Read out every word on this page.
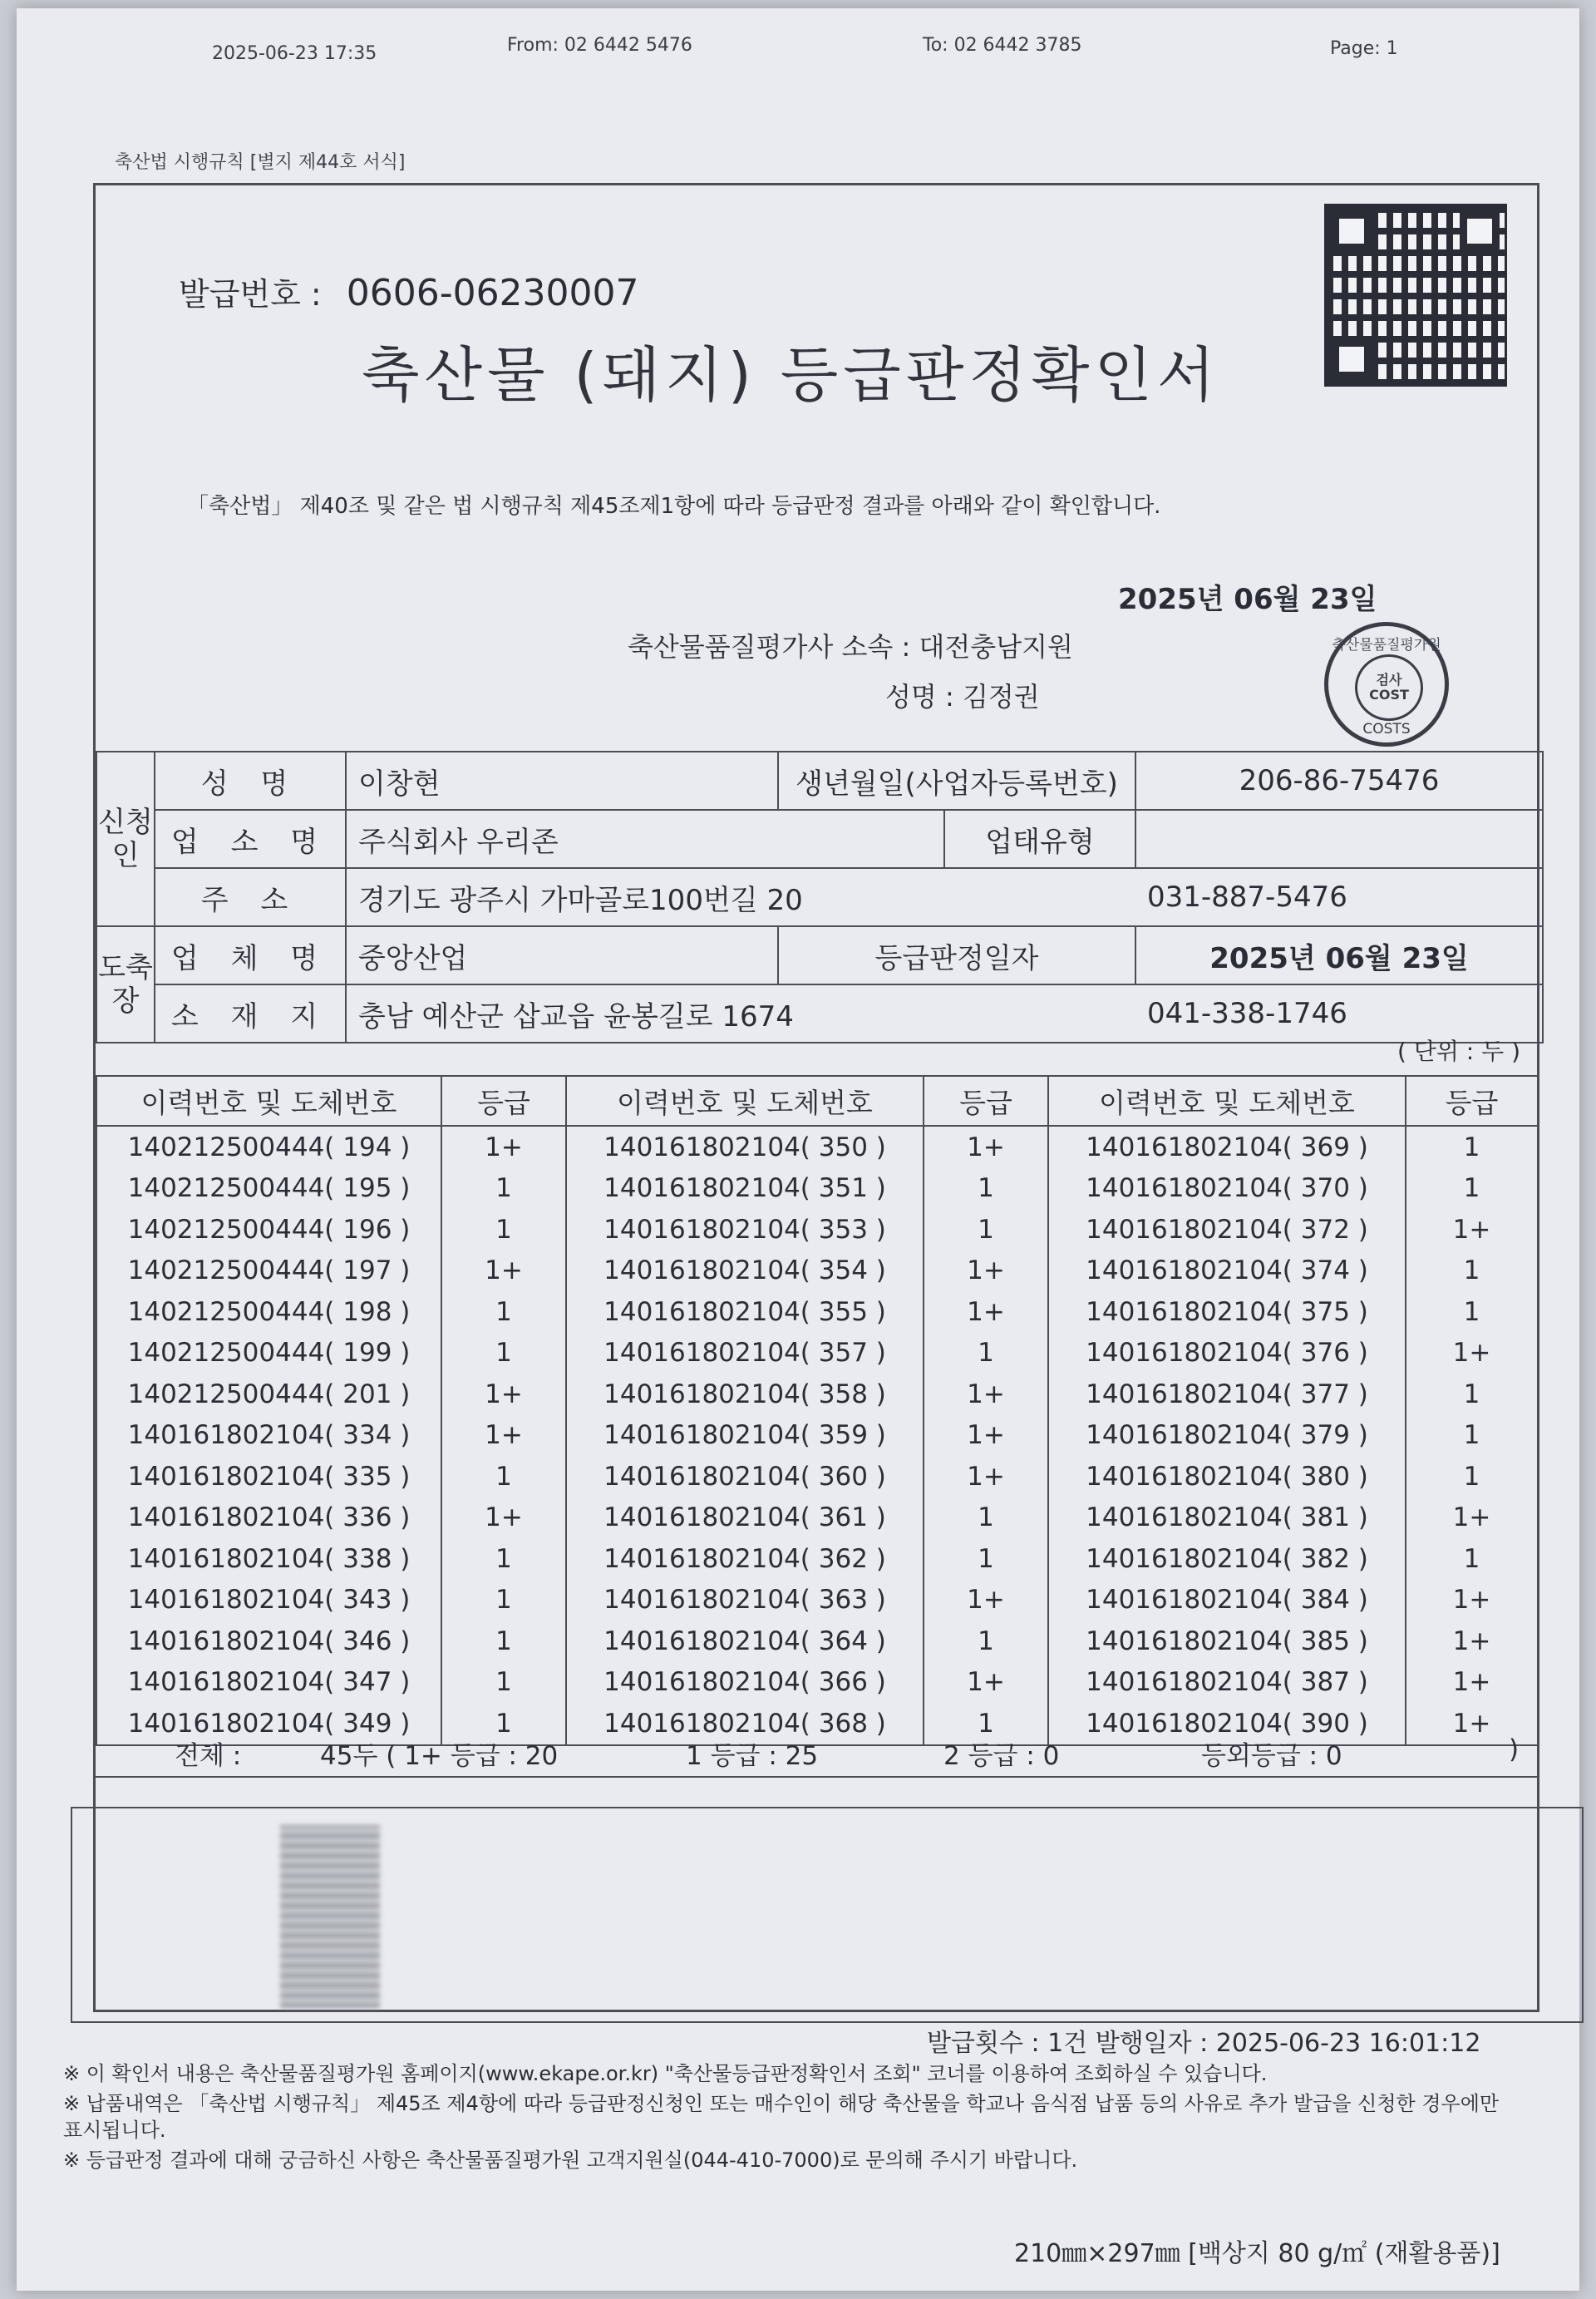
2025-06-23 17:35	From: 02 6442 5476	To: 02 6442 3785	Page: 1
축산법 시행규칙 [별지 제44호 서식]
발급번호 : 0606-06230007
축산물 (돼지) 등급판정확인서
「축산법」 제40조 및 같은 법 시행규칙 제45조제1항에 따라 등급판정 결과를 아래와 같이 확인합니다.
2025년 06월 23일
축산물품질평가사 소속 : 대전충남지원
성명 : 김정권
축산물품질평가원
검사 COST
COSTS
신청인	성 명	이창현	생년월일(사업자등록번호)		206-86-75476
	업 소 명	주식회사 우리존		업태유형	
	주 소	경기도 광주시 가마골로100번길 20			031-887-5476
도축장	업 체 명	중앙산업	등급판정일자		2025년 06월 23일
	소 재 지	충남 예산군 삽교읍 윤봉길로 1674			041-338-1746
( 단위 : 두 )
이력번호 및 도체번호	등급	이력번호 및 도체번호	등급	이력번호 및 도체번호	등급
140212500444( 194 )	1+	140161802104( 350 )	1+	140161802104( 369 )	1
140212500444( 195 )	1	140161802104( 351 )	1	140161802104( 370 )	1
140212500444( 196 )	1	140161802104( 353 )	1	140161802104( 372 )	1+
140212500444( 197 )	1+	140161802104( 354 )	1+	140161802104( 374 )	1
140212500444( 198 )	1	140161802104( 355 )	1+	140161802104( 375 )	1
140212500444( 199 )	1	140161802104( 357 )	1	140161802104( 376 )	1+
140212500444( 201 )	1+	140161802104( 358 )	1+	140161802104( 377 )	1
140161802104( 334 )	1+	140161802104( 359 )	1+	140161802104( 379 )	1
140161802104( 335 )	1	140161802104( 360 )	1+	140161802104( 380 )	1
140161802104( 336 )	1+	140161802104( 361 )	1	140161802104( 381 )	1+
140161802104( 338 )	1	140161802104( 362 )	1	140161802104( 382 )	1
140161802104( 343 )	1	140161802104( 363 )	1+	140161802104( 384 )	1+
140161802104( 346 )	1	140161802104( 364 )	1	140161802104( 385 )	1+
140161802104( 347 )	1	140161802104( 366 )	1+	140161802104( 387 )	1+
140161802104( 349 )	1	140161802104( 368 )	1	140161802104( 390 )	1+
전체 :	45두 ( 1+ 등급 : 20	1 등급 : 25	2 등급 : 0	등외등급 : 0	)
발급횟수 : 1건 발행일자 : 2025-06-23 16:01:12

※ 이 확인서 내용은 축산물품질평가원 홈페이지(www.ekape.or.kr) "축산물등급판정확인서 조회" 코너를 이용하여 조회하실 수 있습니다.

※ 납품내역은 「축산법 시행규칙」 제45조 제4항에 따라 등급판정신청인 또는 매수인이 해당 축산물을 학교나 음식점 납품 등의 사유로 추가 발급을 신청한 경우에만 표시됩니다.

※ 등급판정 결과에 대해 궁금하신 사항은 축산물품질평가원 고객지원실(044-410-7000)로 문의해 주시기 바랍니다.

210㎜×297㎜ [백상지 80 g/㎡ (재활용품)]
